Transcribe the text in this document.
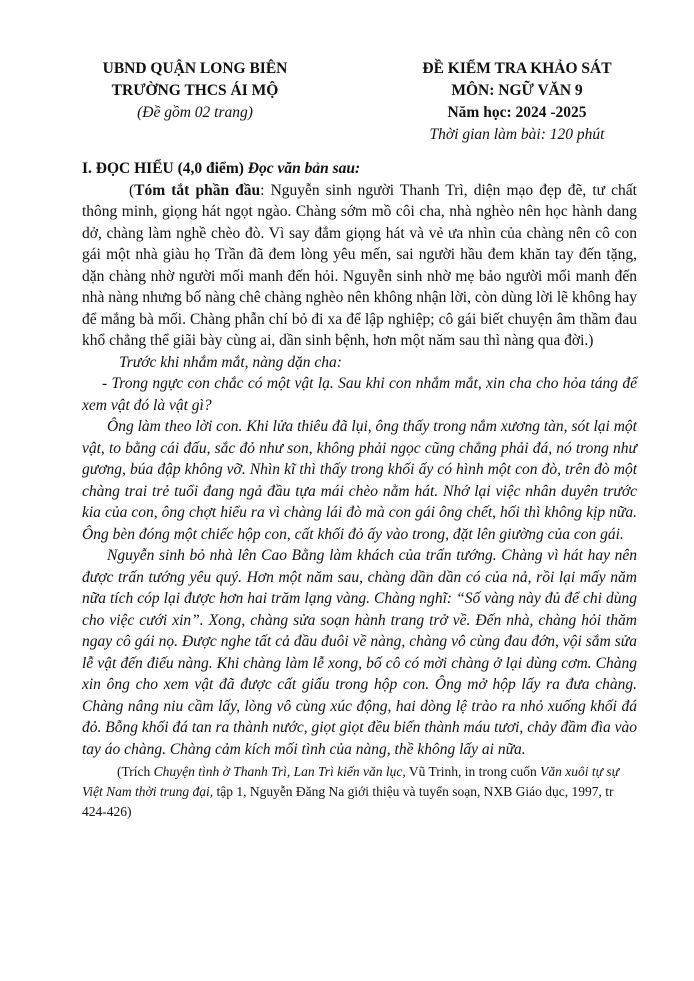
UBND QUẬN LONG BIÊN
TRƯỜNG THCS ÁI MỘ
(Đề gồm 02 trang)
ĐỀ KIỂM TRA KHẢO SÁT
MÔN: NGỮ VĂN 9
Năm học: 2024 -2025
Thời gian làm bài: 120 phút

I. ĐỌC HIỂU (4,0 điểm) Đọc văn bản sau:

(Tóm tắt phần đầu: Nguyễn sinh người Thanh Trì, diện mạo đẹp đẽ, tư chất thông minh, giọng hát ngọt ngào. Chàng sớm mồ côi cha, nhà nghèo nên học hành dang dở, chàng làm nghề chèo đò. Vì say đắm giọng hát và vẻ ưa nhìn của chàng nên cô con gái một nhà giàu họ Trần đã đem lòng yêu mến, sai người hầu đem khăn tay đến tặng, dặn chàng nhờ người mối manh đến hỏi. Nguyễn sinh nhờ mẹ bảo người mối manh đến nhà nàng nhưng bố nàng chê chàng nghèo nên không nhận lời, còn dùng lời lẽ không hay để mắng bà mối. Chàng phẫn chí bỏ đi xa để lập nghiệp; cô gái biết chuyện âm thầm đau khổ chẳng thể giãi bày cùng ai, dần sinh bệnh, hơn một năm sau thì nàng qua đời.)

Trước khi nhắm mắt, nàng dặn cha:

- Trong ngực con chắc có một vật lạ. Sau khi con nhắm mắt, xin cha cho hỏa táng để xem vật đó là vật gì?

Ông làm theo lời con. Khi lửa thiêu đã lụi, ông thấy trong nắm xương tàn, sót lại một vật, to bằng cái đấu, sắc đỏ như son, không phải ngọc cũng chẳng phải đá, nó trong như gương, búa đập không vỡ. Nhìn kĩ thì thấy trong khối ấy có hình một con đò, trên đò một chàng trai trẻ tuổi đang ngả đầu tựa mái chèo nằm hát. Nhớ lại việc nhân duyên trước kia của con, ông chợt hiểu ra vì chàng lái đò mà con gái ông chết, hối thì không kịp nữa. Ông bèn đóng một chiếc hộp con, cất khối đỏ ấy vào trong, đặt lên giường của con gái.

Nguyễn sinh bỏ nhà lên Cao Bằng làm khách của trấn tướng. Chàng vì hát hay nên được trấn tướng yêu quý. Hơn một năm sau, chàng dần dần có của nả, rồi lại mấy năm nữa tích cóp lại được hơn hai trăm lạng vàng. Chàng nghĩ: “Số vàng này đủ để chi dùng cho việc cưới xin”. Xong, chàng sửa soạn hành trang trở về. Đến nhà, chàng hỏi thăm ngay cô gái nọ. Được nghe tất cả đầu đuôi về nàng, chàng vô cùng đau đớn, vội sắm sửa lễ vật đến điếu nàng. Khi chàng làm lễ xong, bố cô có mời chàng ở lại dùng cơm. Chàng xin ông cho xem vật đã được cất giấu trong hộp con. Ông mở hộp lấy ra đưa chàng. Chàng nâng niu cầm lấy, lòng vô cùng xúc động, hai dòng lệ trào ra nhỏ xuống khối đá đỏ. Bỗng khối đá tan ra thành nước, giọt giọt đều biến thành máu tươi, chảy đầm đìa vào tay áo chàng. Chàng cảm kích mối tình của nàng, thề không lấy ai nữa.

(Trích Chuyện tình ở Thanh Trì, Lan Trì kiến văn lục, Vũ Trinh, in trong cuốn Văn xuôi tự sự Việt Nam thời trung đại, tập 1, Nguyễn Đăng Na giới thiệu và tuyển soạn, NXB Giáo dục, 1997, tr 424-426)
